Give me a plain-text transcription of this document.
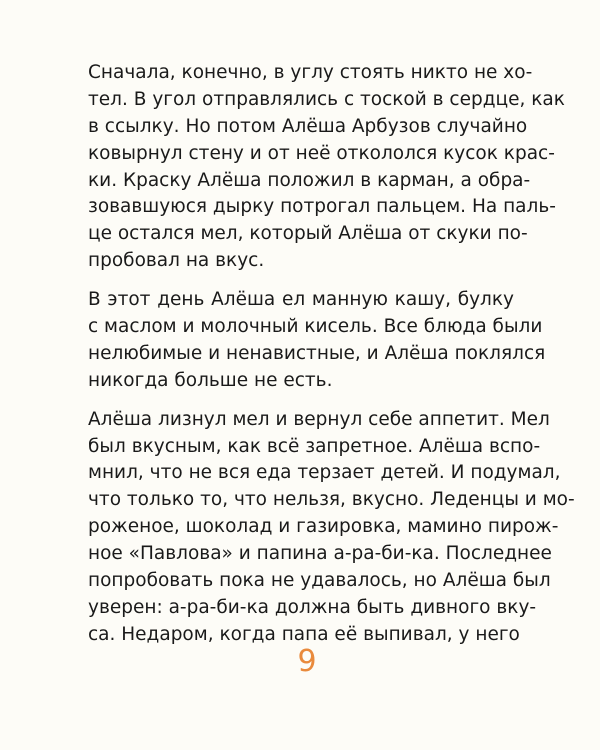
Сначала, конечно, в углу стоять никто не хо-
тел. В угол отправлялись с тоской в сердце, как
в ссылку. Но потом Алёша Арбузов случайно
ковырнул стену и от неё откололся кусок крас-
ки. Краску Алёша положил в карман, а обра-
зовавшуюся дырку потрогал пальцем. На паль-
це остался мел, который Алёша от скуки по-
пробовал на вкус.
В этот день Алёша ел манную кашу, булку
с маслом и молочный кисель. Все блюда были
нелюбимые и ненавистные, и Алёша поклялся
никогда больше не есть.
Алёша лизнул мел и вернул себе аппетит. Мел
был вкусным, как всё запретное. Алёша вспо-
мнил, что не вся еда терзает детей. И подумал,
что только то, что нельзя, вкусно. Леденцы и мо-
роженое, шоколад и газировка, мамино пирож-
ное «Павлова» и папина а-ра-би-ка. Последнее
попробовать пока не удавалось, но Алёша был
уверен: а-ра-би-ка должна быть дивного вку-
са. Недаром, когда папа её выпивал, у него
9
